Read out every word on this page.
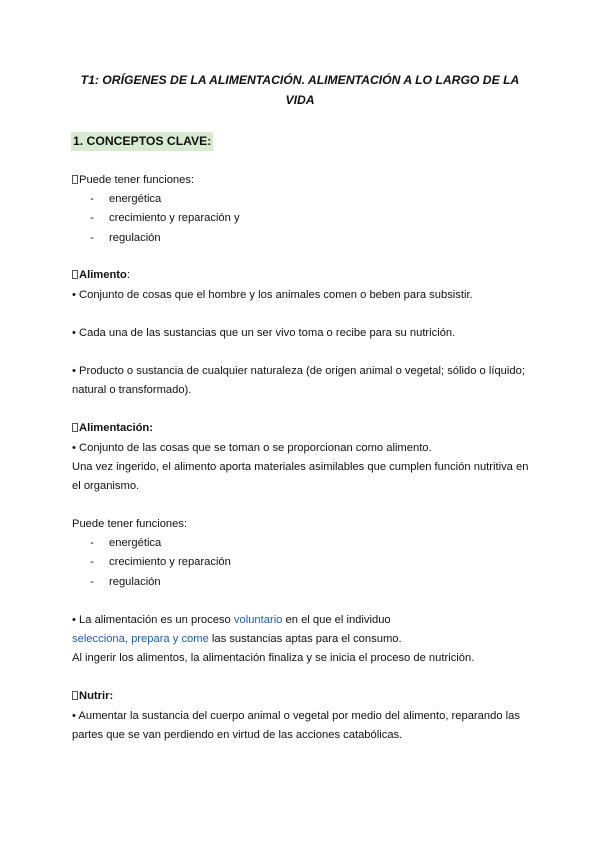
T1: ORÍGENES DE LA ALIMENTACIÓN. ALIMENTACIÓN A LO LARGO DE LA
VIDA
1. CONCEPTOS CLAVE:
Puede tener funciones:
- energética
- crecimiento y reparación y
- regulación
Alimento:
• Conjunto de cosas que el hombre y los animales comen o beben para subsistir.
• Cada una de las sustancias que un ser vivo toma o recibe para su nutrición.
• Producto o sustancia de cualquier naturaleza (de origen animal o vegetal; sólido o líquido;
natural o transformado).
Alimentación:
• Conjunto de las cosas que se toman o se proporcionan como alimento.
Una vez ingerido, el alimento aporta materiales asimilables que cumplen función nutritiva en
el organismo.
Puede tener funciones:
- energética
- crecimiento y reparación
- regulación
• La alimentación es un proceso voluntario en el que el individuo
selecciona, prepara y come las sustancias aptas para el consumo.
Al ingerir los alimentos, la alimentación finaliza y se inicia el proceso de nutrición.
Nutrir:
• Aumentar la sustancia del cuerpo animal o vegetal por medio del alimento, reparando las
partes que se van perdiendo en virtud de las acciones catabólicas.
